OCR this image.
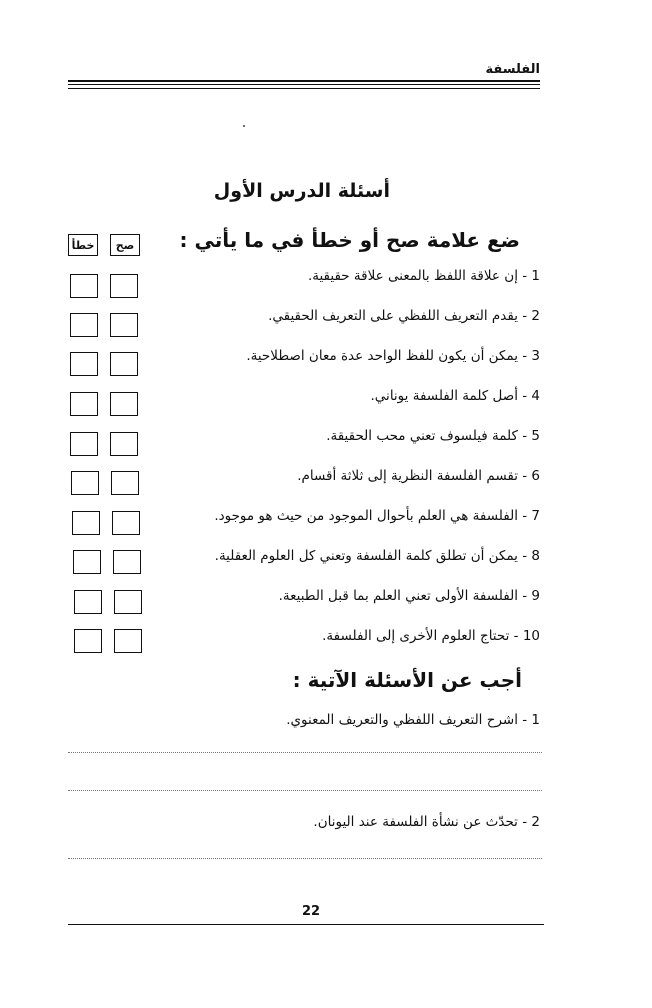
الفلسفة
أسئلة الدرس الأول
ضع علامة صح أو خطأ في ما يأتي :
صح
خطأ
1 - إن علاقة اللفظ بالمعنى علاقة حقيقية.
2 - يقدم التعريف اللفظي على التعريف الحقيقي.
3 - يمكن أن يكون للفظ الواحد عدة معان اصطلاحية.
4 - أصل كلمة الفلسفة يوناني.
5 - كلمة فيلسوف تعني محب الحقيقة.
6 - تقسم الفلسفة النظرية إلى ثلاثة أقسام.
7 - الفلسفة هي العلم بأحوال الموجود من حيث هو موجود.
8 - يمكن أن تطلق كلمة الفلسفة وتعني كل العلوم العقلية.
9 - الفلسفة الأولى تعني العلم بما قبل الطبيعة.
10 - تحتاج العلوم الأخرى إلى الفلسفة.
أجب عن الأسئلة الآتية :
1 - اشرح التعريف اللفظي والتعريف المعنوي.
2 - تحدّث عن نشأة الفلسفة عند اليونان.
22
